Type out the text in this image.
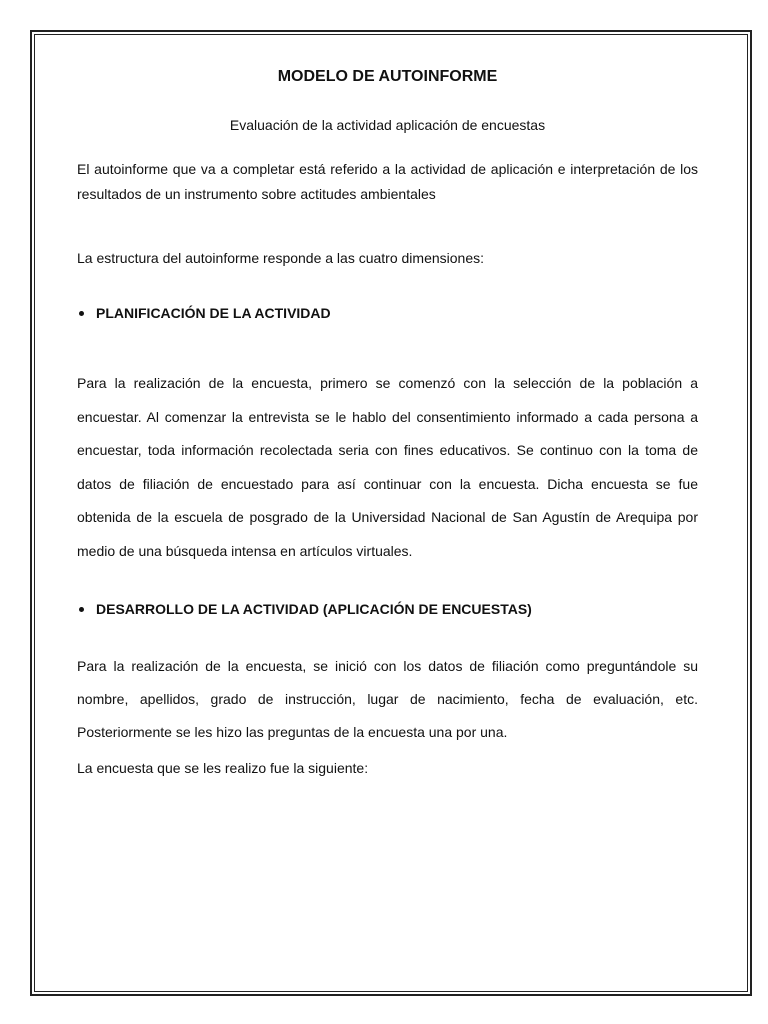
MODELO DE AUTOINFORME

Evaluación de la actividad aplicación de encuestas

El autoinforme que va a completar está referido a la actividad de aplicación e interpretación de los resultados de un instrumento sobre actitudes ambientales

La estructura del autoinforme responde a las cuatro dimensiones:

PLANIFICACIÓN DE LA ACTIVIDAD

Para la realización de la encuesta, primero se comenzó con la selección de la población a encuestar. Al comenzar la entrevista se le hablo del consentimiento informado a cada persona a encuestar, toda información recolectada seria con fines educativos. Se continuo con la toma de datos de filiación de encuestado para así continuar con la encuesta. Dicha encuesta se fue obtenida de la escuela de posgrado de la Universidad Nacional de San Agustín de Arequipa por medio de una búsqueda intensa en artículos virtuales.

DESARROLLO DE LA ACTIVIDAD (APLICACIÓN DE ENCUESTAS)

Para la realización de la encuesta, se inició con los datos de filiación como preguntándole su nombre, apellidos, grado de instrucción, lugar de nacimiento, fecha de evaluación, etc. Posteriormente se les hizo las preguntas de la encuesta una por una.

La encuesta que se les realizo fue la siguiente:
